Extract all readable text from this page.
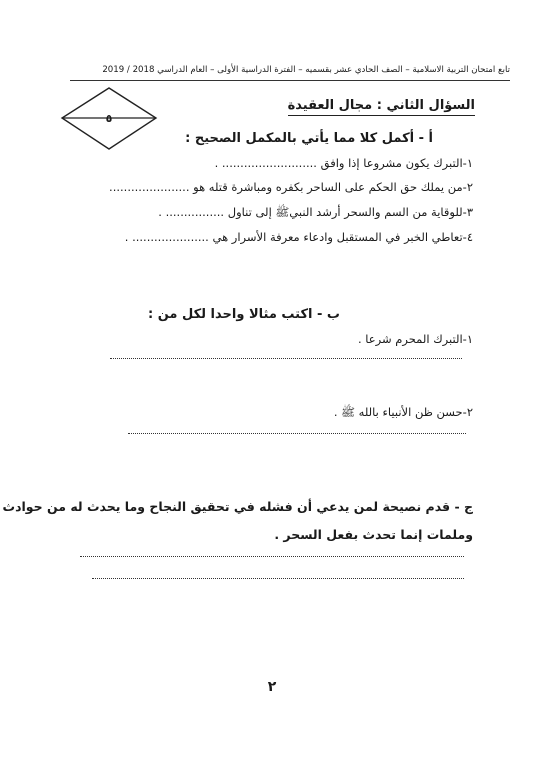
تابع امتحان التربية الاسلامية – الصف الحادي عشر بقسميه – الفترة الدراسية الأولى – العام الدراسي 2018 / 2019
٥
السؤال الثاني : مجال العقيدة
أ - أكمل كلا مما يأتي بالمكمل الصحيح :
١-التبرك يكون مشروعا إذا وافق .......................... .
٢-من يملك حق الحكم على الساحر بكفره ومباشرة قتله هو ......................
٣-للوقاية من السم والسحر أرشد النبيﷺ إلى تناول ................ .
٤-تعاطي الخبر في المستقبل وادعاء معرفة الأسرار هي ..................... .
ب - اكتب مثالا واحدا لكل من :
١-التبرك المحرم شرعا .
٢-حسن ظن الأنبياء بالله ﷺ .
ج - قدم نصيحة لمن يدعي أن فشله في تحقيق النجاح وما يحدث له من حوادث
وملمات إنما تحدث بفعل السحر .
٢
